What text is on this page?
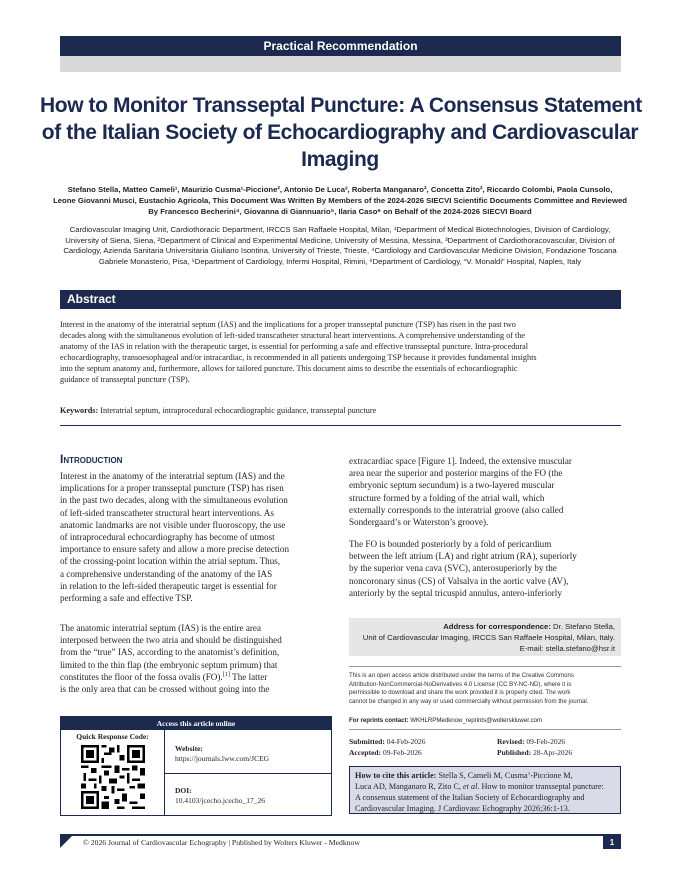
Practical Recommendation
How to Monitor Transseptal Puncture: A Consensus Statement
of the Italian Society of Echocardiography and Cardiovascular
Imaging
Stefano Stella, Matteo Cameli¹, Maurizio Cusma¹-Piccione², Antonio De Luca³, Roberta Manganaro², Concetta Zito², Riccardo Colombi, Paola Cunsolo,
Leone Giovanni Musci, Eustachio Agricola, This Document Was Written By Members of the 2024-2026 SIECVI Scientific Documents Committee and Reviewed
By Francesco Becherini⁴, Giovanna di Giannuario⁵, Ilaria Caso⁶ on Behalf of the 2024-2026 SIECVI Board
Cardiovascular Imaging Unit, Cardiothoracic Department, IRCCS San Raffaele Hospital, Milan, ¹Department of Medical Biotechnologies, Division of Cardiology,
University of Siena, Siena, ²Department of Clinical and Experimental Medicine, University of Messina, Messina, ³Department of Cardiothoracovascular, Division of
Cardiology, Azienda Sanitaria Universitaria Giuliano Isontina, University of Trieste, Trieste, ⁴Cardiology and Cardiovascular Medicine Division, Fondazione Toscana
Gabriele Monasterio, Pisa, ⁵Department of Cardiology, Infermi Hospital, Rimini, ⁶Department of Cardiology, “V. Monaldi” Hospital, Naples, Italy
Abstract
Interest in the anatomy of the interatrial septum (IAS) and the implications for a proper transseptal puncture (TSP) has risen in the past two
decades along with the simultaneous evolution of left-sided transcatheter structural heart interventions. A comprehensive understanding of the
anatomy of the IAS in relation with the therapeutic target, is essential for performing a safe and effective transseptal puncture. Intra-procedural
echocardiography, transoesophageal and/or intracardiac, is recommended in all patients undergoing TSP because it provides fundamental insights
into the septum anatomy and, furthermore, allows for tailored puncture. This document aims to describe the essentials of echocardiographic
guidance of transseptal puncture (TSP).
Keywords: Interatrial septum, intraprocedural echocardiographic guidance, transseptal puncture
Introduction
Interest in the anatomy of the interatrial septum (IAS) and the
implications for a proper transseptal puncture (TSP) has risen
in the past two decades, along with the simultaneous evolution
of left-sided transcatheter structural heart interventions. As
anatomic landmarks are not visible under fluoroscopy, the use
of intraprocedural echocardiography has become of utmost
importance to ensure safety and allow a more precise detection
of the crossing-point location within the atrial septum. Thus,
a comprehensive understanding of the anatomy of the IAS
in relation to the left-sided therapeutic target is essential for
performing a safe and effective TSP.
The anatomic interatrial septum (IAS) is the entire area
interposed between the two atria and should be distinguished
from the “true” IAS, according to the anatomist’s definition,
limited to the thin flap (the embryonic septum primum) that
constitutes the floor of the fossa ovalis (FO).[1] The latter
is the only area that can be crossed without going into the
extracardiac space [Figure 1]. Indeed, the extensive muscular
area near the superior and posterior margins of the FO (the
embryonic septum secundum) is a two-layered muscular
structure formed by a folding of the atrial wall, which
externally corresponds to the interatrial groove (also called
Sondergaard’s or Waterston’s groove).
The FO is bounded posteriorly by a fold of pericardium
between the left atrium (LA) and right atrium (RA), superiorly
by the superior vena cava (SVC), anterosuperiorly by the
noncoronary sinus (CS) of Valsalva in the aortic valve (AV),
anteriorly by the septal tricuspid annulus, antero-inferiorly
Access this article online
Quick Response Code:
Website:
https://journals.lww.com/JCEG
DOI:
10.4103/jcecho.jcecho_17_26
Address for correspondence: Dr. Stefano Stella,
Unit of Cardiovascular Imaging, IRCCS San Raffaele Hospital, Milan, Italy.
E-mail: stella.stefano@hsr.it
This is an open access article distributed under the terms of the Creative Commons
Attribution-NonCommercial-NoDerivatives 4.0 License (CC BY-NC-ND), where it is
permissible to download and share the work provided it is properly cited. The work
cannot be changed in any way or used commercially without permission from the journal.
For reprints contact: WKHLRPMedknow_reprints@wolterskluwer.com
Submitted: 04-Feb-2026	Revised: 09-Feb-2026
Accepted: 09-Feb-2026	Published: 28-Apr-2026
How to cite this article: Stella S, Cameli M, Cusma’-Piccione M,
Luca AD, Manganaro R, Zito C, et al. How to monitor transseptal puncture:
A consensus statement of the Italian Society of Echocardiography and
Cardiovascular Imaging. J Cardiovasc Echography 2026;36:1-13.
© 2026 Journal of Cardiovascular Echography | Published by Wolters Kluwer - Medknow	1
